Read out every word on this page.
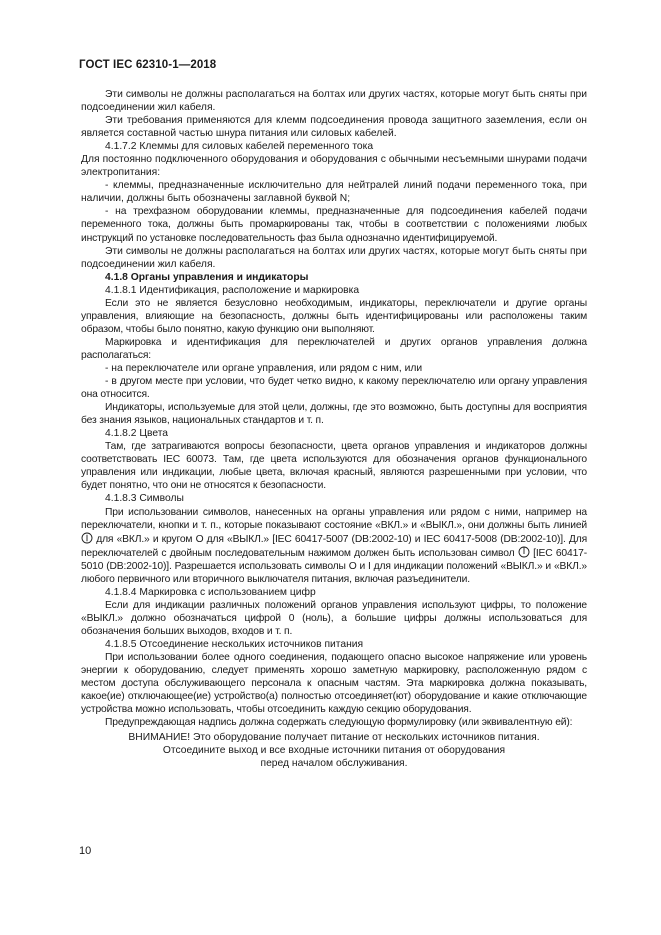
ГОСТ IEC 62310-1—2018

Эти символы не должны располагаться на болтах или других частях, которые могут быть сняты при подсоединении жил кабеля.

Эти требования применяются для клемм подсоединения провода защитного заземления, если он является составной частью шнура питания или силовых кабелей.

4.1.7.2 Клеммы для силовых кабелей переменного тока

Для постоянно подключенного оборудования и оборудования с обычными несъемными шнурами подачи электропитания:

- клеммы, предназначенные исключительно для нейтралей линий подачи переменного тока, при наличии, должны быть обозначены заглавной буквой N;

- на трехфазном оборудовании клеммы, предназначенные для подсоединения кабелей подачи переменного тока, должны быть промаркированы так, чтобы в соответствии с положениями любых инструкций по установке последовательность фаз была однозначно идентифицируемой.

Эти символы не должны располагаться на болтах или других частях, которые могут быть сняты при подсоединении жил кабеля.

4.1.8 Органы управления и индикаторы

4.1.8.1 Идентификация, расположение и маркировка

Если это не является безусловно необходимым, индикаторы, переключатели и другие органы управления, влияющие на безопасность, должны быть идентифицированы или расположены таким образом, чтобы было понятно, какую функцию они выполняют.

Маркировка и идентификация для переключателей и других органов управления должна располагаться:

- на переключателе или органе управления, или рядом с ним, или

- в другом месте при условии, что будет четко видно, к какому переключателю или органу управления она относится.

Индикаторы, используемые для этой цели, должны, где это возможно, быть доступны для восприятия без знания языков, национальных стандартов и т. п.

4.1.8.2 Цвета

Там, где затрагиваются вопросы безопасности, цвета органов управления и индикаторов должны соответствовать IEC 60073. Там, где цвета используются для обозначения органов функционального управления или индикации, любые цвета, включая красный, являются разрешенными при условии, что будет понятно, что они не относятся к безопасности.

4.1.8.3 Символы

При использовании символов, нанесенных на органы управления или рядом с ними, например на переключатели, кнопки и т. п., которые показывают состояние «ВКЛ.» и «ВЫКЛ.», они должны быть линией  для «ВКЛ.» и кругом О для «ВЫКЛ.» [IEC 60417-5007 (DB:2002-10) и IEC 60417-5008 (DB:2002-10)]. Для переключателей с двойным последовательным нажимом должен быть использован символ [IEC 60417-5010 (DB:2002-10)]. Разрешается использовать символы О и I для индикации положений «ВЫКЛ.» и «ВКЛ.» любого первичного или вторичного выключателя питания, включая разъединители.

4.1.8.4 Маркировка с использованием цифр

Если для индикации различных положений органов управления используют цифры, то положение «ВЫКЛ.» должно обозначаться цифрой 0 (ноль), а большие цифры должны использоваться для обозначения больших выходов, входов и т. п.

4.1.8.5 Отсоединение нескольких источников питания

При использовании более одного соединения, подающего опасно высокое напряжение или уровень энергии к оборудованию, следует применять хорошо заметную маркировку, расположенную рядом с местом доступа обслуживающего персонала к опасным частям. Эта маркировка должна показывать, какое(ие) отключающее(ие) устройство(а) полностью отсоединяет(ют) оборудование и какие отключающие устройства можно использовать, чтобы отсоединить каждую секцию оборудования.

Предупреждающая надпись должна содержать следующую формулировку (или эквивалентную ей):

ВНИМАНИЕ! Это оборудование получает питание от нескольких источников питания.

Отсоедините выход и все входные источники питания от оборудования

перед началом обслуживания.

10
